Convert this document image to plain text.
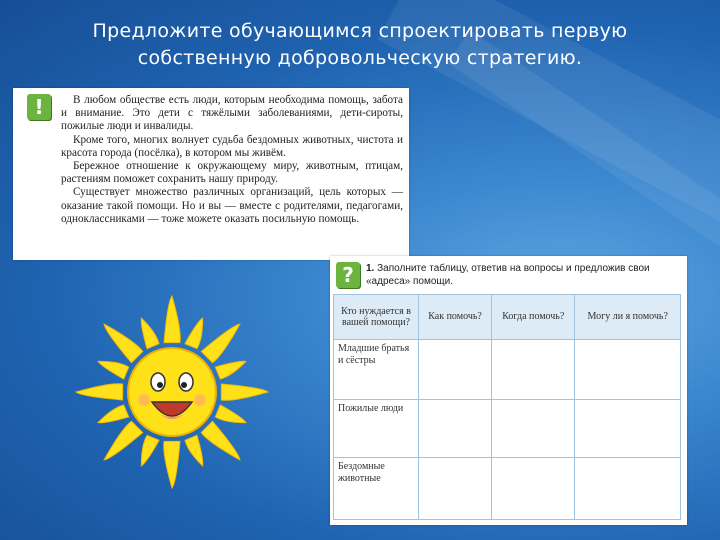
Предложите обучающимся спроектировать первую
собственную добровольческую стратегию.
!	В любом обществе есть люди, которым необходима помощь, забота и внимание. Это дети с тяжёлыми заболеваниями, дети-сироты, пожилые люди и инвалиды.

Кроме того, многих волнует судьба бездомных животных, чистота и красота города (посёлка), в котором мы живём.

Бережное отношение к окружающему миру, животным, птицам, растениям поможет сохранить нашу природу.

Существует множество различных организаций, цель которых — оказание такой помощи. Но и вы — вместе с родителями, педагогами, одноклассниками — тоже можете оказать посильную помощь.

?	1. Заполните таблицу, ответив на вопросы и предложив свои «адреса» помощи.
Кто нуждается в вашей помощи?	Как помочь?	Когда помочь?	Могу ли я помочь?
Младшие братья и сёстры			
Пожилые люди			
Бездомные животные			
